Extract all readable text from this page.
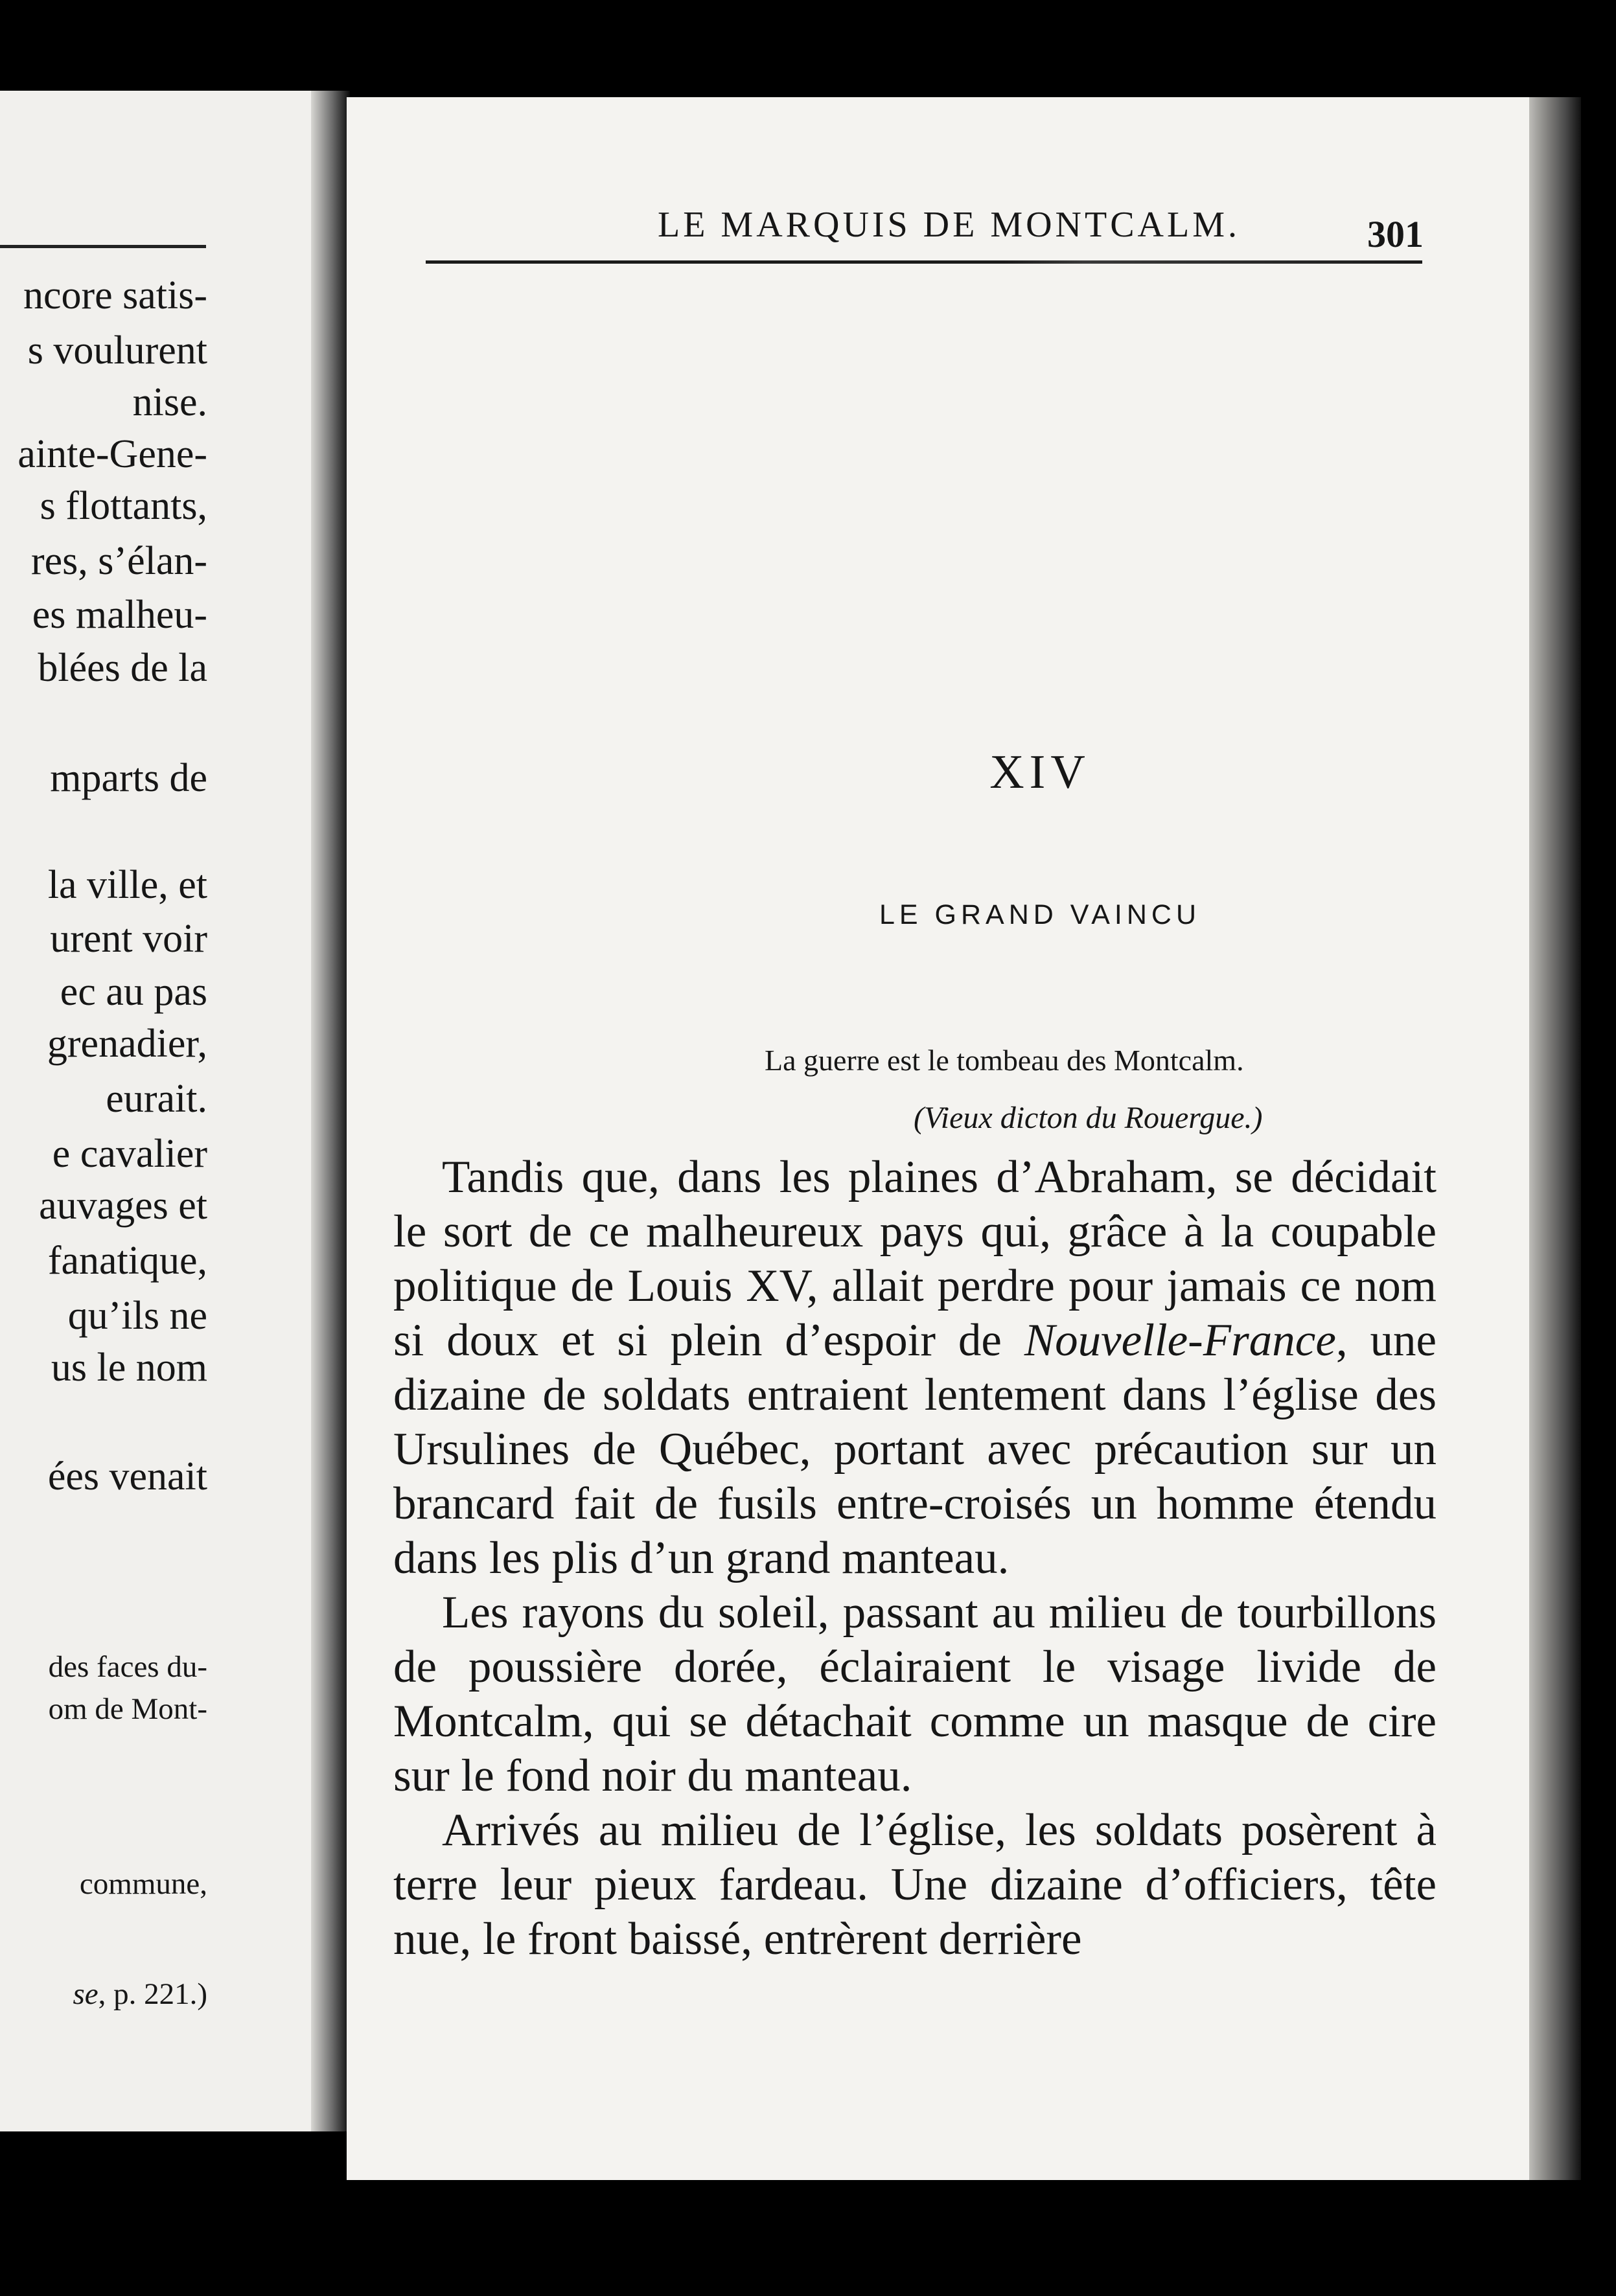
ncore satis-
s voulurent
nise.
ainte-Gene-
s flottants,
res, s’élan-
es malheu-
blées de la
mparts de
la ville, et
urent voir
ec au pas
grenadier,
eurait.
e cavalier
auvages et
fanatique,
qu’ils ne
us le nom
ées venait
des faces du-
om de Mont-
commune,
se, p. 221.)
LE MARQUIS DE MONTCALM.	301
XIV
LE GRAND VAINCU
La guerre est le tombeau des Montcalm.
(Vieux dicton du Rouergue.)

Tandis que, dans les plaines d’Abraham, se décidait le sort de ce malheureux pays qui, grâce à la coupable politique de Louis XV, allait perdre pour jamais ce nom si doux et si plein d’espoir de Nouvelle-France, une dizaine de soldats entraient lentement dans l’église des Ursulines de Québec, portant avec précaution sur un brancard fait de fusils entre-croisés un homme étendu dans les plis d’un grand manteau.

Les rayons du soleil, passant au milieu de tourbillons de poussière dorée, éclairaient le visage livide de Montcalm, qui se détachait comme un masque de cire sur le fond noir du manteau.

Arrivés au milieu de l’église, les soldats posèrent à terre leur pieux fardeau. Une dizaine d’officiers, tête nue, le front baissé, entrèrent derrière
